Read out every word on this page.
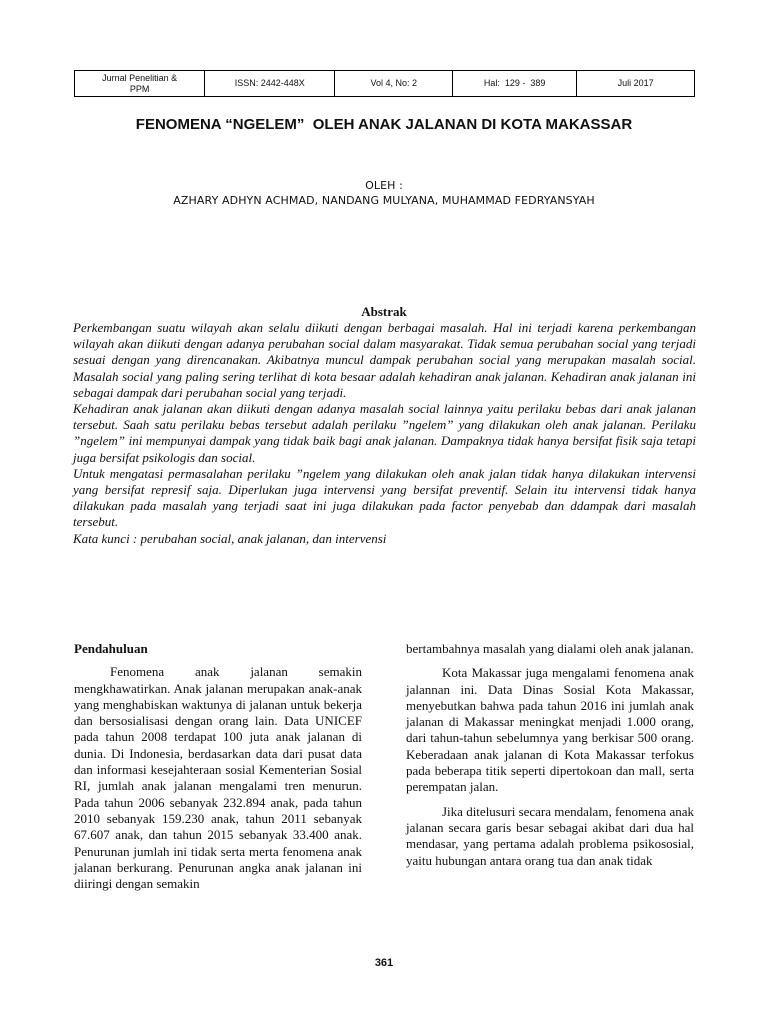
Jurnal Penelitian & PPM	ISSN: 2442-448X	Vol 4, No: 2	Hal:  129 -  389	Juli 2017
FENOMENA “NGELEM”  OLEH ANAK JALANAN DI KOTA MAKASSAR
OLEH :
AZHARY ADHYN ACHMAD, NANDANG MULYANA, MUHAMMAD FEDRYANSYAH
Abstrak

Perkembangan suatu wilayah akan selalu diikuti dengan berbagai masalah. Hal ini terjadi karena perkembangan wilayah akan diikuti dengan adanya perubahan social dalam masyarakat. Tidak semua perubahan social yang terjadi sesuai dengan yang direncanakan. Akibatnya muncul dampak perubahan social yang merupakan masalah social. Masalah social yang paling sering terlihat di kota besaar adalah kehadiran anak jalanan. Kehadiran anak jalanan ini sebagai dampak dari perubahan social yang terjadi.

Kehadiran anak jalanan akan diikuti dengan adanya masalah social lainnya yaitu perilaku bebas dari anak jalanan tersebut. Saah satu perilaku bebas tersebut adalah perilaku ”ngelem” yang dilakukan oleh anak jalanan. Perilaku ”ngelem” ini mempunyai dampak yang tidak baik bagi anak jalanan. Dampaknya tidak hanya bersifat fisik saja tetapi juga bersifat psikologis dan social.

Untuk mengatasi permasalahan perilaku ”ngelem yang dilakukan oleh anak jalan tidak hanya dilakukan intervensi yang bersifat represif saja. Diperlukan juga intervensi yang bersifat preventif. Selain itu intervensi tidak hanya dilakukan pada masalah yang terjadi saat ini juga dilakukan pada factor penyebab dan ddampak dari masalah tersebut.

Kata kunci : perubahan social, anak jalanan, dan intervensi

Pendahuluan

Fenomena anak jalanan semakin mengkhawatirkan. Anak jalanan merupakan anak-anak yang menghabiskan waktunya di jalanan untuk bekerja dan bersosialisasi dengan orang lain. Data UNICEF pada tahun 2008 terdapat 100 juta anak jalanan di dunia. Di Indonesia, berdasarkan data dari pusat data dan informasi kesejahteraan sosial Kementerian Sosial RI, jumlah anak jalanan mengalami tren menurun. Pada tahun 2006 sebanyak 232.894 anak, pada tahun 2010 sebanyak 159.230 anak, tahun 2011 sebanyak 67.607 anak, dan tahun 2015 sebanyak 33.400 anak. Penurunan jumlah ini tidak serta merta fenomena anak jalanan berkurang. Penurunan angka anak jalanan ini diiringi dengan semakin

bertambahnya masalah yang dialami oleh anak jalanan.

Kota Makassar juga mengalami fenomena anak jalannan ini. Data Dinas Sosial Kota Makassar, menyebutkan bahwa pada tahun 2016 ini jumlah anak jalanan di Makassar meningkat menjadi 1.000 orang, dari tahun-tahun sebelumnya yang berkisar 500 orang. Keberadaan anak jalanan di Kota Makassar terfokus pada beberapa titik seperti dipertokoan dan mall, serta perempatan jalan.

Jika ditelusuri secara mendalam, fenomena anak jalanan secara garis besar sebagai akibat dari dua hal mendasar, yang pertama adalah problema psikososial, yaitu hubungan antara orang tua dan anak tidak

361
